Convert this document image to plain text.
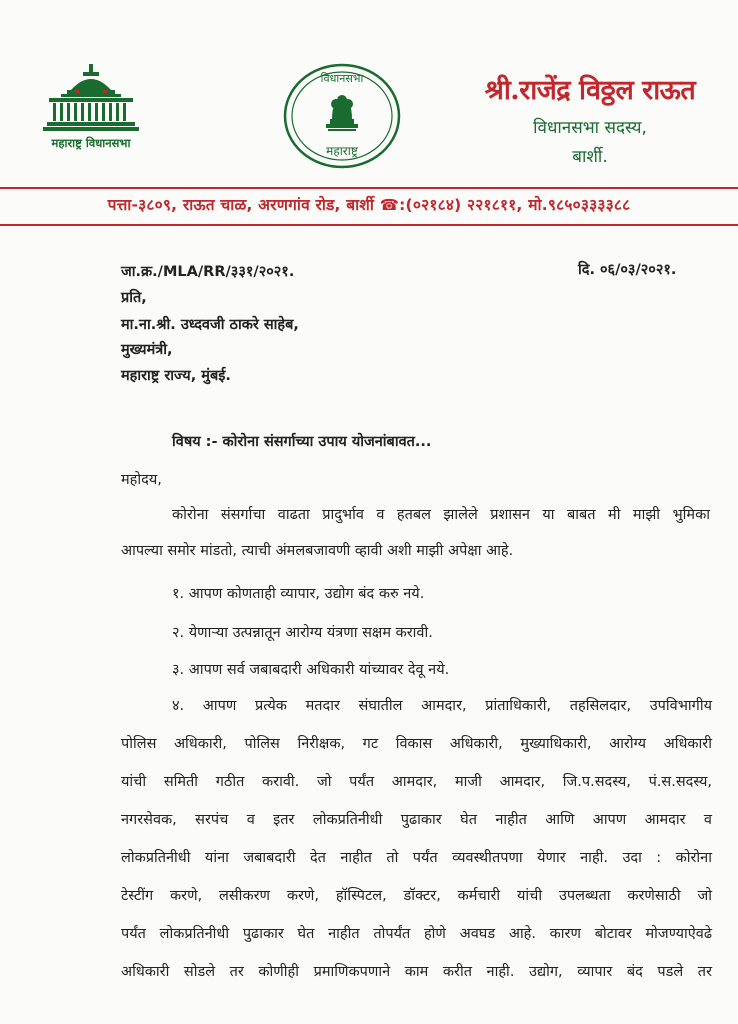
महाराष्ट्र विधानसभा
विधानसभा
महाराष्ट्र
श्री.राजेंद्र विठ्ठल राऊत
विधानसभा सदस्य,
बार्शी.
पत्ता-३८०९, राऊत चाळ, अरणगांव रोड, बार्शी ☎:(०२१८४) २२१८११, मो.९८५०३३३३८८
जा.क्र./MLA/RR/३३१/२०२१.	दि. ०६/०३/२०२१.
प्रति,
मा.ना.श्री. उध्दवजी ठाकरे साहेब,
मुख्यमंत्री,
महाराष्ट्र राज्य, मुंबई.
विषय :- कोरोना संसर्गाच्या उपाय योजनांबावत...
महोदय,
कोरोना संसर्गाचा वाढता प्रादुर्भाव व हतबल झालेले प्रशासन या बाबत मी माझी भुमिका
आपल्या समोर मांडतो, त्याची अंमलबजावणी व्हावी अशी माझी अपेक्षा आहे.
१. आपण कोणताही व्यापार, उद्योग बंद करु नये.
२. येणाऱ्या उत्पन्नातून आरोग्य यंत्रणा सक्षम करावी.
३. आपण सर्व जबाबदारी अधिकारी यांच्यावर देवू नये.
४. आपण प्रत्येक मतदार संघातील आमदार, प्रांताधिकारी, तहसिलदार, उपविभागीय
पोलिस अधिकारी, पोलिस निरीक्षक, गट विकास अधिकारी, मुख्याधिकारी, आरोग्य अधिकारी
यांची समिती गठीत करावी. जो पर्यंत आमदार, माजी आमदार, जि.प.सदस्य, पं.स.सदस्य,
नगरसेवक, सरपंच व इतर लोकप्रतिनीधी पुढाकार घेत नाहीत आणि आपण आमदार व
लोकप्रतिनीधी यांना जबाबदारी देत नाहीत तो पर्यंत व्यवस्थीतपणा येणार नाही. उदा : कोरोना
टेस्टींग करणे, लसीकरण करणे, हॉस्पिटल, डॉक्टर, कर्मचारी यांची उपलब्धता करणेसाठी जो
पर्यंत लोकप्रतिनीधी पुढाकार घेत नाहीत तोपर्यंत होणे अवघड आहे. कारण बोटावर मोजण्याऐवढे
अधिकारी सोडले तर कोणीही प्रमाणिकपणाने काम करीत नाही. उद्योग, व्यापार बंद पडले तर
